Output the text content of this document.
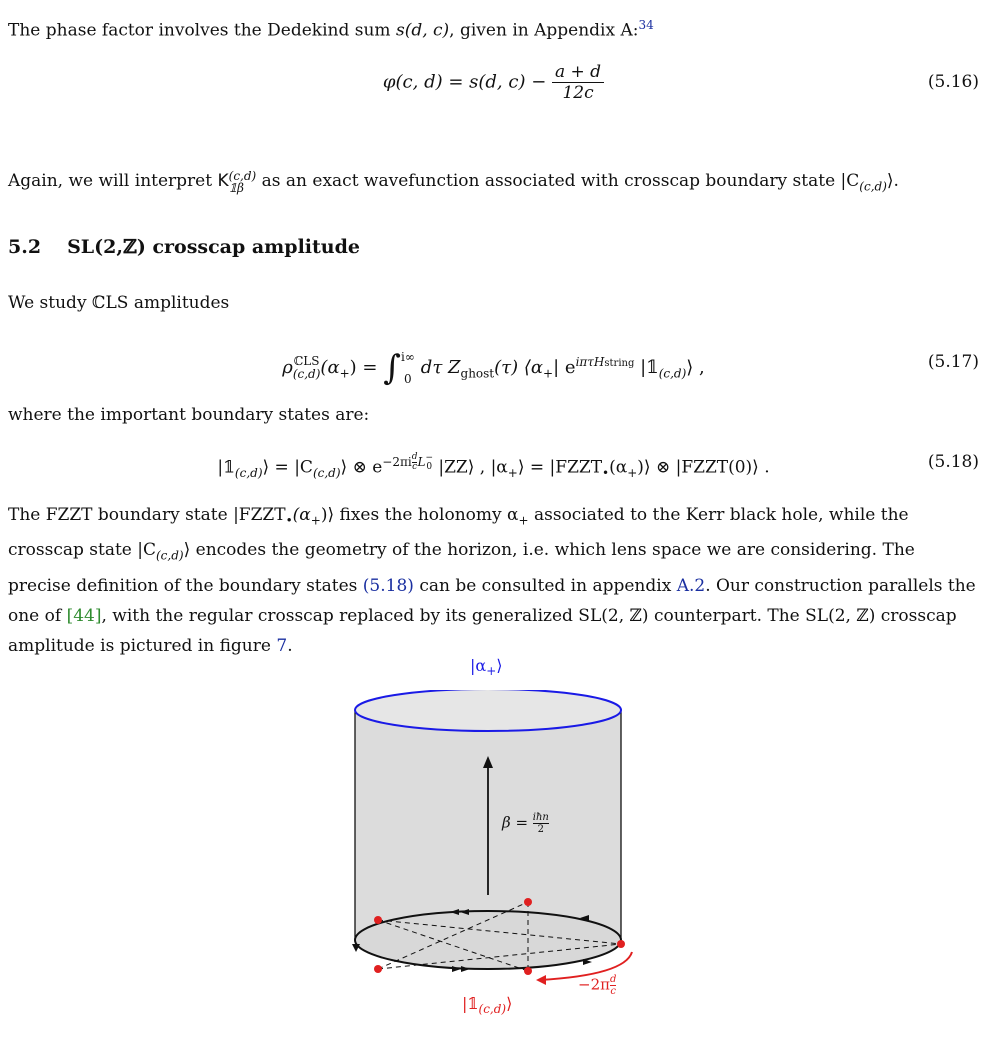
The phase factor involves the Dedekind sum s(d, c), given in Appendix A:$^{34}$
φ(c, d) = s(d, $c) - \frac{a + d}{12c}$	(5.16)
Again, we will interpret K (c,d)
𝟙β as an exact wavefunction associated with crosscap boundary state $|C_{(c,d)}⟩$.
5.2 SL(2,ℤ) crosscap amplitude
We study ℂLS amplitudes
ρ ℂLS
(c,d) $(\alpha_+)$ = ∫ i∞
0
dτ $Z_{ghost}(\tau)$ $⟨\alpha_+|$ $e^{i\pi\tau Hstring}$ $|𝟙_{(c,d)}⟩$ ,	(5.17)
where the important boundary states are:
$|𝟙_{(c,d)}⟩$ = $|C_{(c,d)}⟩$ ⊗ $e^{-2\pi i \frac{d}{c} L - 0}$ |ZZ⟩ , $|\alpha_+⟩$ = $|FZZT_•(\alpha_+)⟩$ ⊗ |FZZT(0)⟩ .	(5.18)
The FZZT boundary state $|FZZT_•(\alpha_+)⟩$ fixes the holonomy $\alpha_+$ associated to the Kerr black hole, while the crosscap state $|C_{(c,d)}⟩$ encodes the geometry of the horizon, i.e. which lens space we are considering. The precise definition of the boundary states (5.18) can be consulted in appendix A.2. Our construction parallels the one of [44], with the regular crosscap replaced by its generalized SL(2, ℤ) counterpart. The SL(2, ℤ) crosscap amplitude is pictured in figure 7.
$|\alpha_+⟩$
β = iħn
2
$|𝟙_{(c,d)}⟩$
$-2\pi \frac{d}{c}$
